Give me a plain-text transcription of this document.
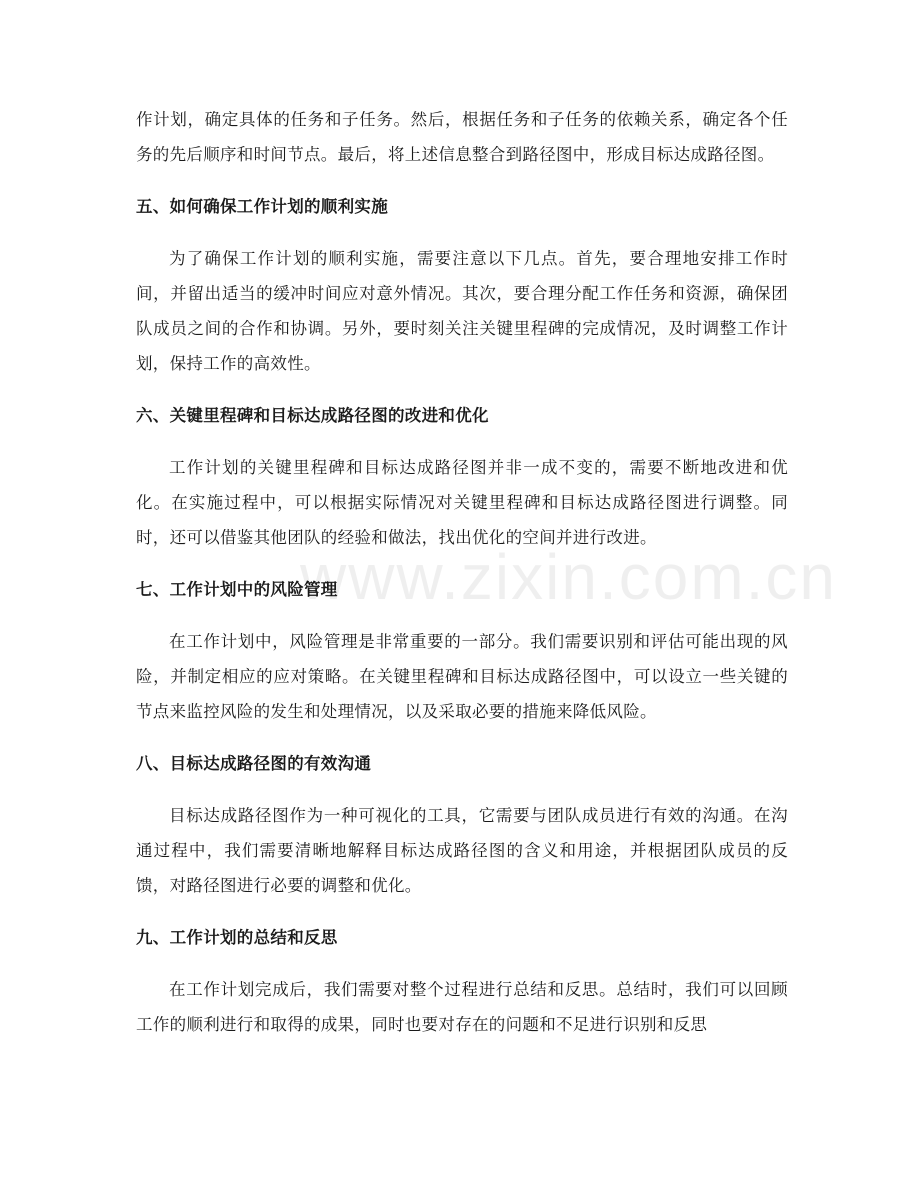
作计划，确定具体的任务和子任务。然后，根据任务和子任务的依赖关系，确定各个任务的先后顺序和时间节点。最后，将上述信息整合到路径图中，形成目标达成路径图。

五、如何确保工作计划的顺利实施

为了确保工作计划的顺利实施，需要注意以下几点。首先，要合理地安排工作时间，并留出适当的缓冲时间应对意外情况。其次，要合理分配工作任务和资源，确保团队成员之间的合作和协调。另外，要时刻关注关键里程碑的完成情况，及时调整工作计划，保持工作的高效性。

六、关键里程碑和目标达成路径图的改进和优化

工作计划的关键里程碑和目标达成路径图并非一成不变的，需要不断地改进和优化。在实施过程中，可以根据实际情况对关键里程碑和目标达成路径图进行调整。同时，还可以借鉴其他团队的经验和做法，找出优化的空间并进行改进。

七、工作计划中的风险管理

在工作计划中，风险管理是非常重要的一部分。我们需要识别和评估可能出现的风险，并制定相应的应对策略。在关键里程碑和目标达成路径图中，可以设立一些关键的节点来监控风险的发生和处理情况，以及采取必要的措施来降低风险。

八、目标达成路径图的有效沟通

目标达成路径图作为一种可视化的工具，它需要与团队成员进行有效的沟通。在沟通过程中，我们需要清晰地解释目标达成路径图的含义和用途，并根据团队成员的反馈，对路径图进行必要的调整和优化。

九、工作计划的总结和反思

在工作计划完成后，我们需要对整个过程进行总结和反思。总结时，我们可以回顾工作的顺利进行和取得的成果，同时也要对存在的问题和不足进行识别和反思

www.zixin.com.cn
